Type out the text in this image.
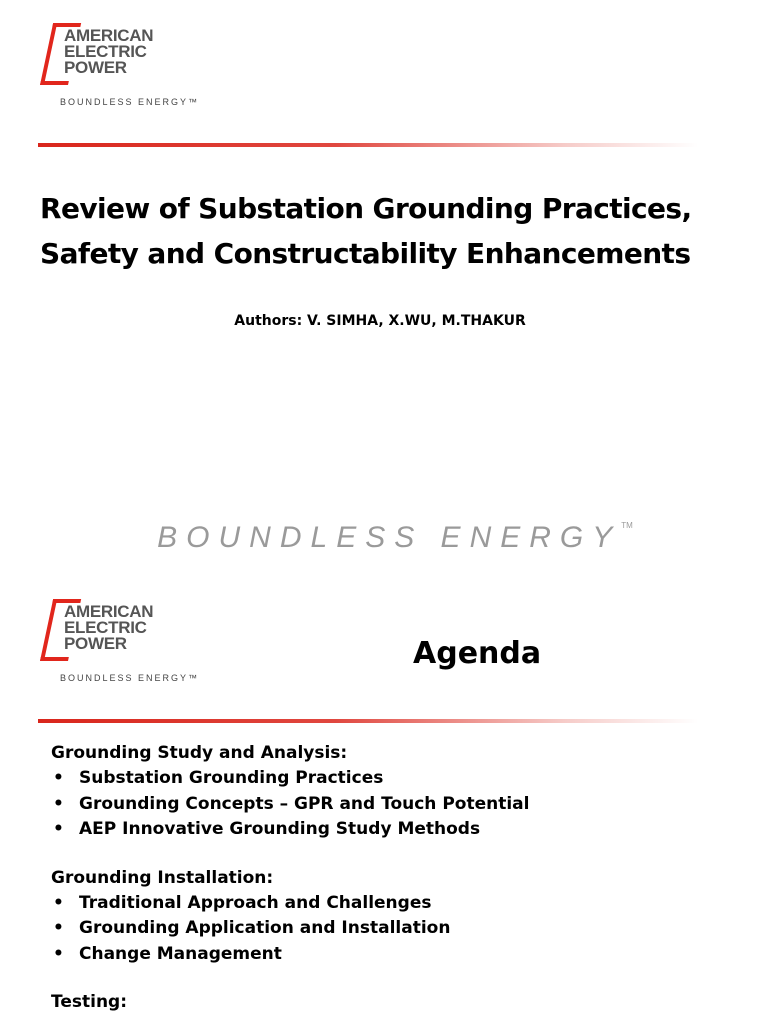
AMERICAN
ELECTRIC
POWER
BOUNDLESS ENERGY™
Review of Substation Grounding Practices,
Safety and Constructability Enhancements
Authors: V. SIMHA, X.WU, M.THAKUR
BOUNDLESS ENERGY™
AMERICAN
ELECTRIC
POWER
BOUNDLESS ENERGY™
Agenda
Grounding Study and Analysis:
• Substation Grounding Practices
• Grounding Concepts – GPR and Touch Potential
• AEP Innovative Grounding Study Methods
Grounding Installation:
• Traditional Approach and Challenges
• Grounding Application and Installation
• Change Management
Testing:
